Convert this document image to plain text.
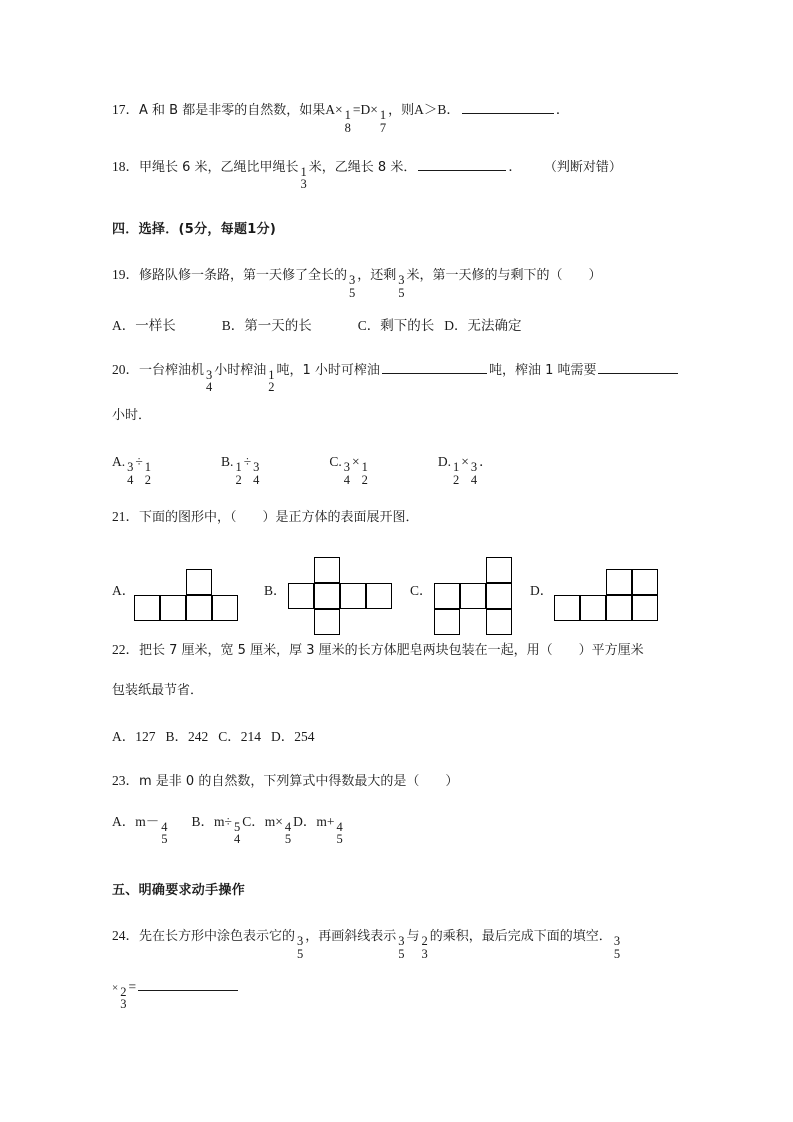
17．A 和 B 都是非零的自然数，如果A× 1
8
=D× 1
7
，则A＞B．	．
18．甲绳长 6 米，乙绳比甲绳长 1
3
米，乙绳长 8 米．	． （判断对错）
四．选择．(5分，每题1分)
19．修路队修一条路，第一天修了全长的 3
5
，还剩 3
5
米，第一天修的与剩下的（　　）
A．一样长	B．第一天的长	C．剩下的长 D．无法确定
20．一台榨油机 3
4
小时榨油 1
2
吨，1 小时可榨油	吨，榨油 1 吨需要
小时．
A. 3
4
÷ 1
2
B. 1
2
÷ 3
4
C. 3
4
× 1
2
D. 1
2
× 3
4
．
21．下面的图形中，（　　）是正方体的表面展开图．
A．	B．	C．	D．
22．把长 7 厘米，宽 5 厘米，厚 3 厘米的长方体肥皂两块包装在一起，用（　　）平方厘米
包装纸最节省．
A．127 B．242 C．214 D．254
23．m 是非 0 的自然数，下列算式中得数最大的是（　　）
A．m－ 4
5
B．m÷ 5
4
C．m× 4
5
D．m+ 4
5
五、明确要求动手操作
24．先在长方形中涂色表示它的 3
5
，再画斜线表示 3
5
与 2
3
的乘积，最后完成下面的填空． 3
5
× 2
3
=
